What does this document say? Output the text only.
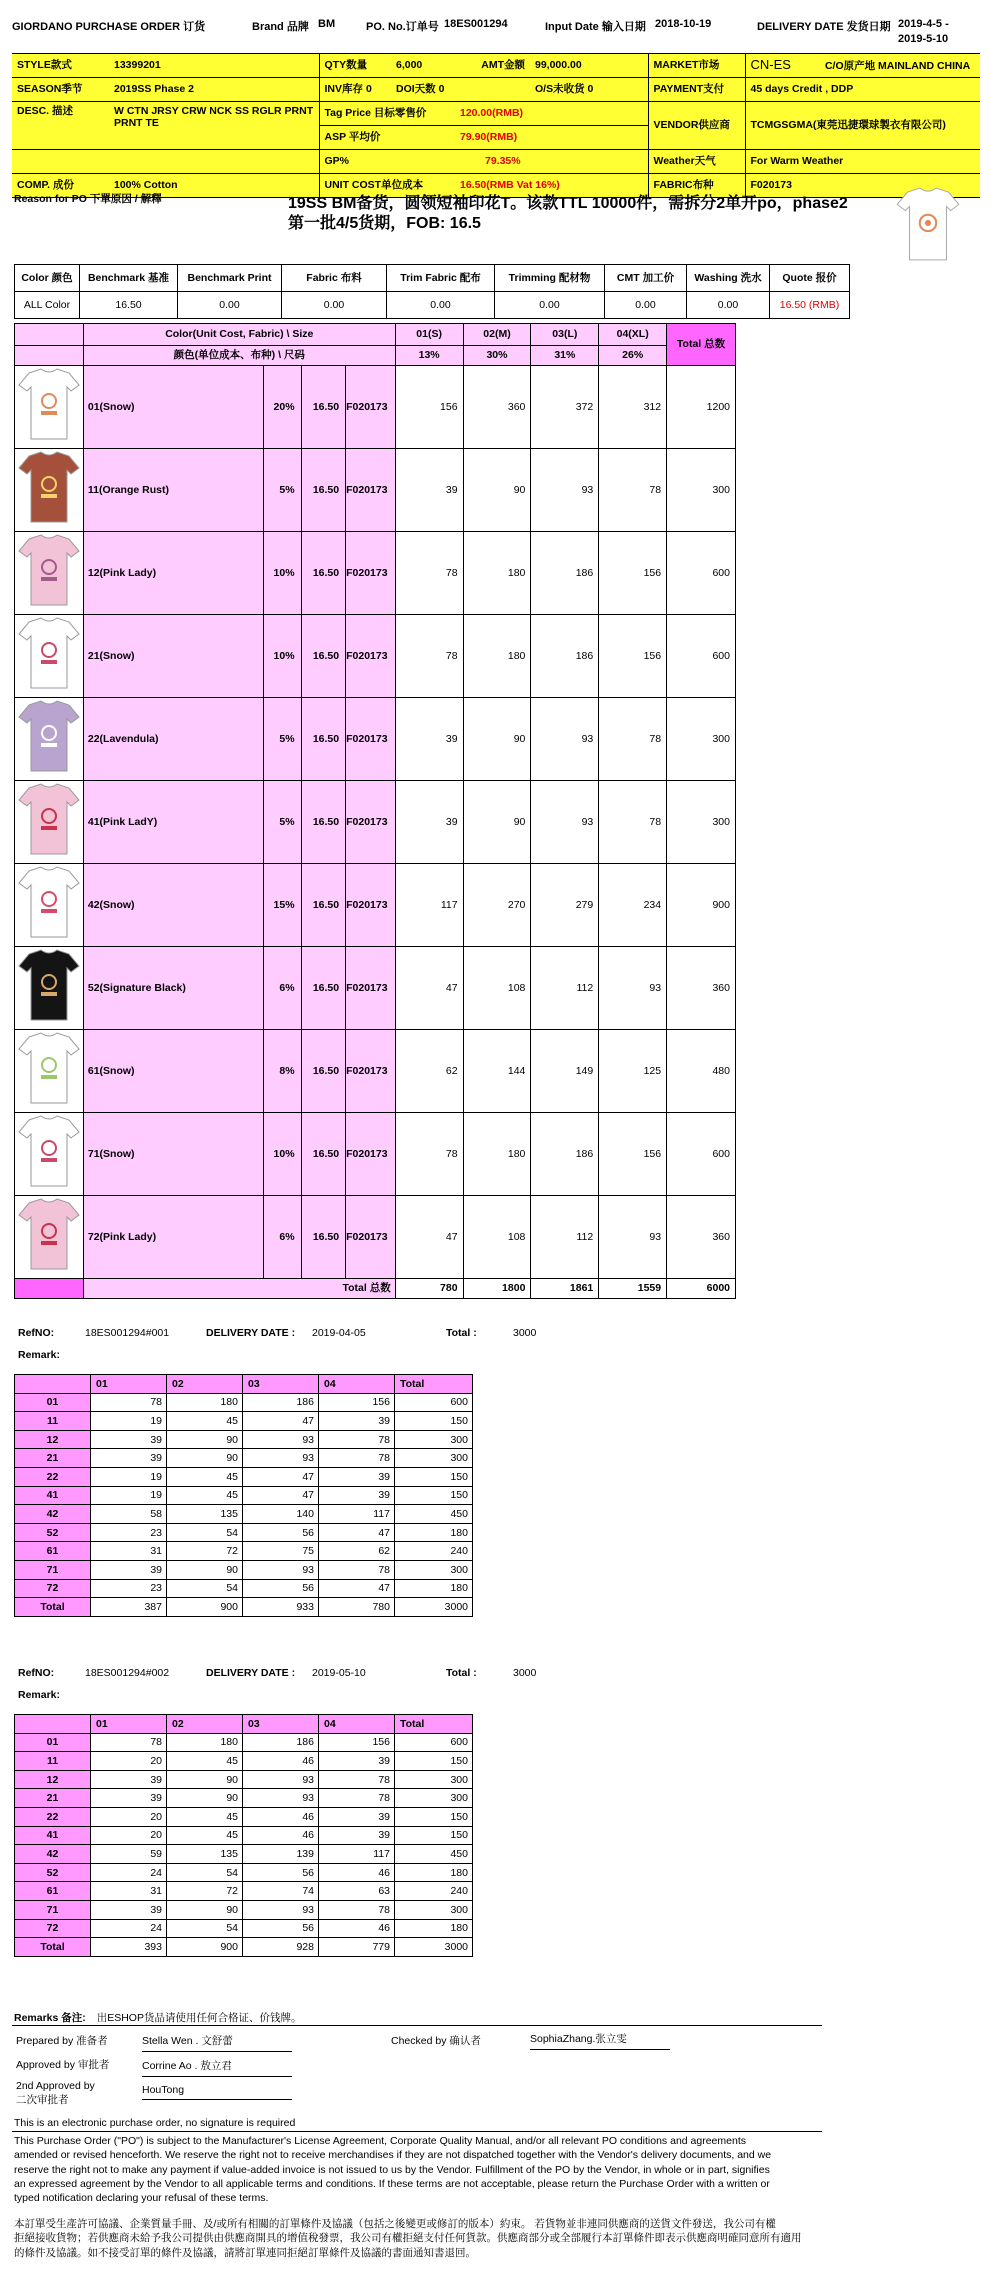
GIORDANO PURCHASE ORDER 订货	Brand 品牌 BM	PO. No.订单号 18ES001294	Input Date 输入日期 2018-10-19	DELIVERY DATE 发货日期 2019-4-5 -
2019-5-10
STYLE款式	13399201	QTY数量	6,000	AMT金额	99,000.00	MARKET市场	CN-ES C/O原产地 MAINLAND CHINA
SEASON季节	2019SS Phase 2	INV库存 0	DOI天数 0		O/S未收货 0	PAYMENT支付	45 days Credit , DDP
DESC. 描述	W CTN JRSY CRW NCK SS RGLR PRNT PRNT TE	Tag Price 目标零售价		120.00(RMB)		VENDOR供应商	TCMGSGMA(東莞迅捷環球製衣有限公司)
		ASP 平均价		79.90(RMB)			
		GP%		79.35%		Weather天气	For Warm Weather
COMP. 成份	100% Cotton	UNIT COST单位成本		16.50(RMB Vat 16%)		FABRIC布种	F020173
Reason for PO 下單原因 / 解釋	19SS BM备货，圆领短袖印花T。该款TTL 10000件，需拆分2单开po，phase2
第一批4/5货期，FOB: 16.5
Color 颜色	Benchmark 基准	Benchmark Print	Fabric 布料	Trim Fabric 配布	Trimming 配材物	CMT 加工价	Washing 洗水	Quote 报价
ALL Color	16.50	0.00	0.00	0.00	0.00	0.00	0.00	16.50 (RMB)
	Color(Unit Cost, Fabric) \ Size				01(S)	02(M)	03(L)	04(XL)	Total 总数
	颜色(单位成本、布种) \ 尺码				13%	30%	31%	26%	
	01(Snow)	20%	16.50	F020173	156	360	372	312	1200
	11(Orange Rust)	5%	16.50	F020173	39	90	93	78	300
	12(Pink Lady)	10%	16.50	F020173	78	180	186	156	600
	21(Snow)	10%	16.50	F020173	78	180	186	156	600
	22(Lavendula)	5%	16.50	F020173	39	90	93	78	300
	41(Pink LadY)	5%	16.50	F020173	39	90	93	78	300
	42(Snow)	15%	16.50	F020173	117	270	279	234	900
	52(Signature Black)	6%	16.50	F020173	47	108	112	93	360
	61(Snow)	8%	16.50	F020173	62	144	149	125	480
	71(Snow)	10%	16.50	F020173	78	180	186	156	600
	72(Pink Lady)	6%	16.50	F020173	47	108	112	93	360
	Total 总数				780	1800	1861	1559	6000
RefNO:	18ES001294#001	DELIVERY DATE : 2019-04-05	Total :	3000
Remark:
	01	02	03	04	Total
01	78	180	186	156	600
11	19	45	47	39	150
12	39	90	93	78	300
21	39	90	93	78	300
22	19	45	47	39	150
41	19	45	47	39	150
42	58	135	140	117	450
52	23	54	56	47	180
61	31	72	75	62	240
71	39	90	93	78	300
72	23	54	56	47	180
Total	387	900	933	780	3000
RefNO:	18ES001294#002	DELIVERY DATE : 2019-05-10	Total :	3000
Remark:
	01	02	03	04	Total
01	78	180	186	156	600
11	20	45	46	39	150
12	39	90	93	78	300
21	39	90	93	78	300
22	20	45	46	39	150
41	20	45	46	39	150
42	59	135	139	117	450
52	24	54	56	46	180
61	31	72	74	63	240
71	39	90	93	78	300
72	24	54	56	46	180
Total	393	900	928	779	3000
Remarks 备注: 出ESHOP货品请使用任何合格证、价钱牌。
Prepared by 准备者	Stella Wen . 文舒蕾	Checked by 确认者	SophiaZhang.张立雯
Approved by 审批者	Corrine Ao . 敖立君
2nd Approved by
二次审批者
HouTong
This is an electronic purchase order, no signature is required
This Purchase Order ("PO") is subject to the Manufacturer's License Agreement, Corporate Quality Manual, and/or all relevant PO conditions and agreements
amended or revised henceforth. We reserve the right not to receive merchandises if they are not dispatched together with the Vendor's delivery documents, and we
reserve the right not to make any payment if value-added invoice is not issued to us by the Vendor. Fulfillment of the PO by the Vendor, in whole or in part, signifies
an expressed agreement by the Vendor to all applicable terms and conditions. If these terms are not acceptable, please return the Purchase Order with a written or
typed notification declaring your refusal of these terms.
本訂單受生產許可協議、企業質量手冊、及/或所有相關的訂單條件及協議（包括之後變更或修訂的版本）約束。 若貨物並非連同供應商的送貨文件發送，我公司有權
拒絕接收貨物；若供應商未給予我公司提供由供應商開具的增值稅發票，我公司有權拒絕支付任何貨款。供應商部分或全部履行本訂單條件即表示供應商明確同意所有適用
的條件及協議。如不接受訂單的條件及協議，請將訂單連同拒絕訂單條件及協議的書面通知書退回。
